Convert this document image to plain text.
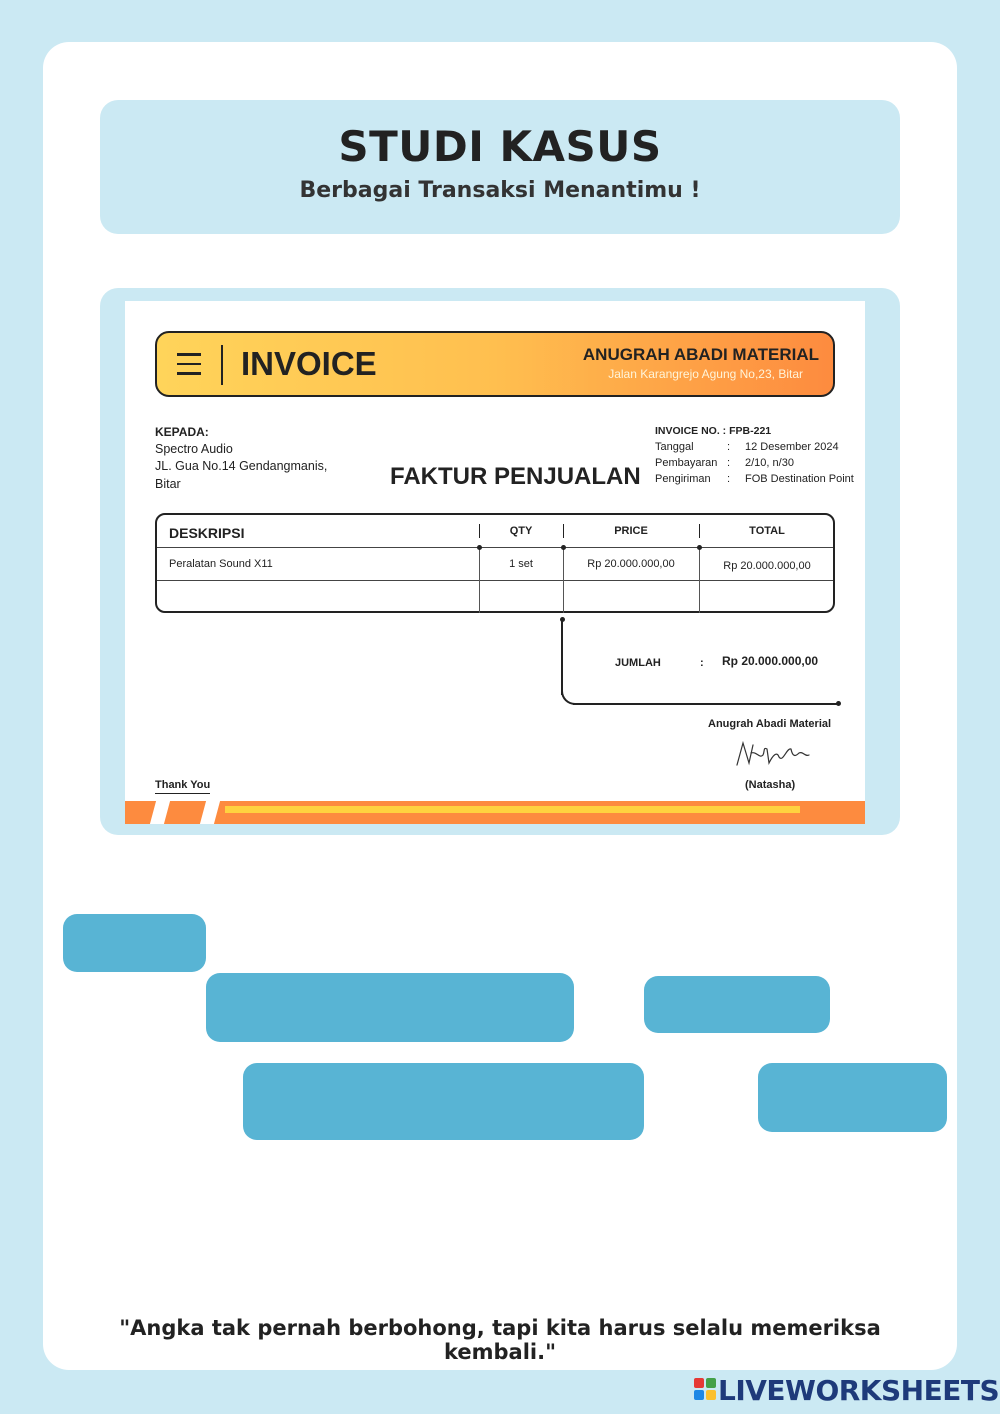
STUDI KASUS
Berbagai Transaksi Menantimu !
INVOICE	ANUGRAH ABADI MATERIAL
Jalan Karangrejo Agung No,23, Bitar
KEPADA:
Spectro Audio
JL. Gua No.14 Gendangmanis,
Bitar	FAKTUR PENJUALAN
INVOICE NO. : FPB-221
Tanggal	: 12 Desember 2024
Pembayaran : 2/10, n/30
Pengiriman : FOB Destination Point
DESKRIPSI	QTY	PRICE	TOTAL
Peralatan Sound X11	1 set	Rp 20.000.000,00	Rp 20.000.000,00
JUMLAH	: Rp 20.000.000,00
Anugrah Abadi Material
(Natasha)
Thank You
"Angka tak pernah berbohong, tapi kita harus selalu memeriksa kembali."
LIVEWORKSHEETS
